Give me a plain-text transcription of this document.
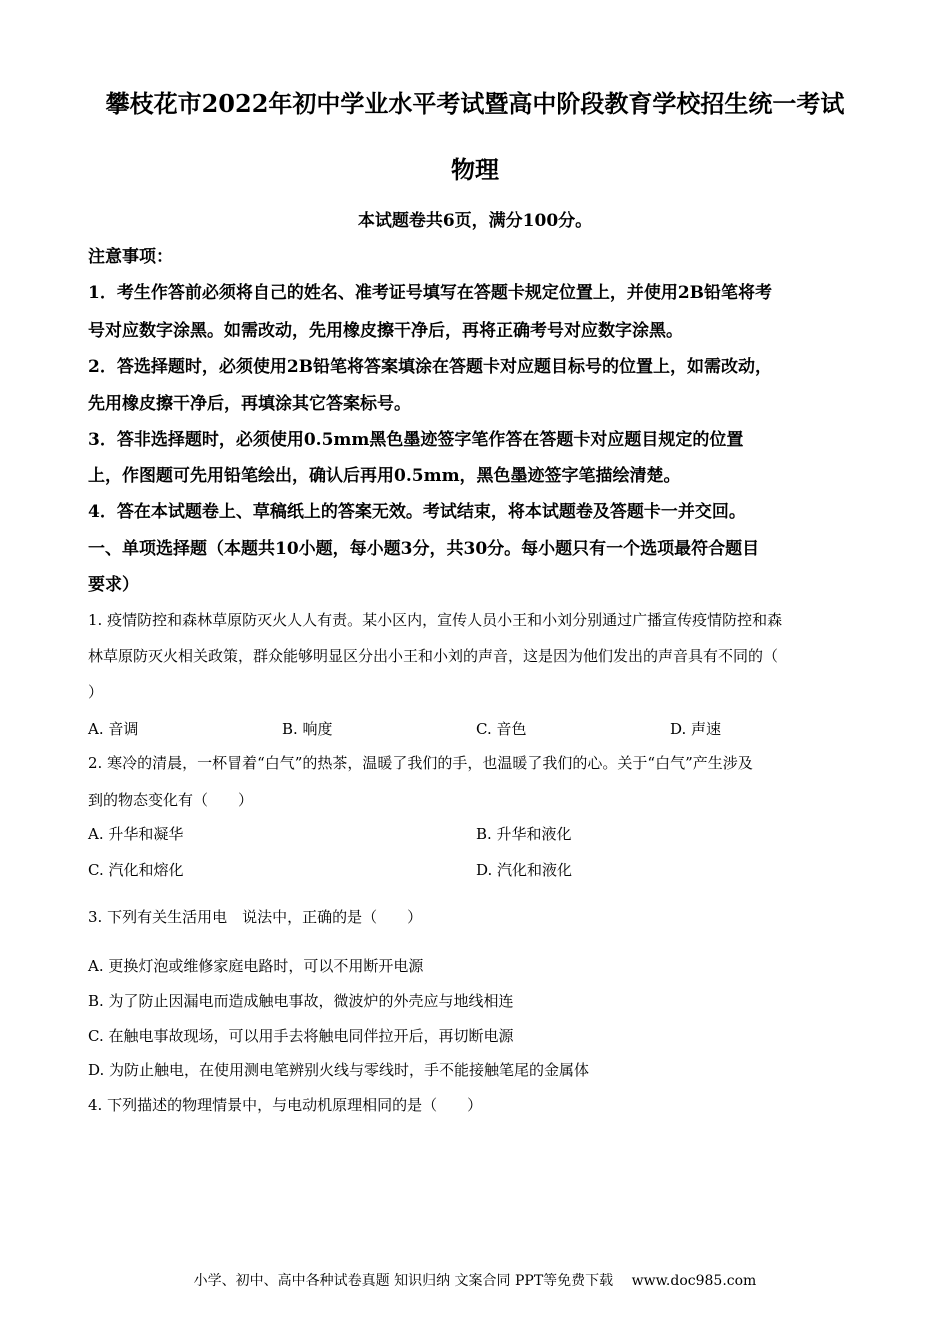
攀枝花市2022年初中学业水平考试暨高中阶段教育学校招生统一考试
物理
本试题卷共6页，满分100分。
注意事项：
1．考生作答前必须将自己的姓名、准考证号填写在答题卡规定位置上，并使用2B铅笔将考
号对应数字涂黑。如需改动，先用橡皮擦干净后，再将正确考号对应数字涂黑。
2．答选择题时，必须使用2B铅笔将答案填涂在答题卡对应题目标号的位置上，如需改动，
先用橡皮擦干净后，再填涂其它答案标号。
3．答非选择题时，必须使用0.5mm黑色墨迹签字笔作答在答题卡对应题目规定的位置
上，作图题可先用铅笔绘出，确认后再用0.5mm，黑色墨迹签字笔描绘清楚。
4．答在本试题卷上、草稿纸上的答案无效。考试结束，将本试题卷及答题卡一并交回。
一、单项选择题（本题共10小题，每小题3分，共30分。每小题只有一个选项最符合题目
要求）
1. 疫情防控和森林草原防灭火人人有责。某小区内，宣传人员小王和小刘分别通过广播宣传疫情防控和森
林草原防灭火相关政策，群众能够明显区分出小王和小刘的声音，这是因为他们发出的声音具有不同的（
）
A. 音调	B. 响度	C. 音色	D. 声速
2. 寒冷的清晨，一杯冒着“白气”的热茶，温暖了我们的手，也温暖了我们的心。关于“白气”产生涉及
到的物态变化有（　　）
A. 升华和凝华	B. 升华和液化
C. 汽化和熔化	D. 汽化和液化
3. 下列有关生活用电　说法中，正确的是（　　）
A. 更换灯泡或维修家庭电路时，可以不用断开电源
B. 为了防止因漏电而造成触电事故，微波炉的外壳应与地线相连
C. 在触电事故现场，可以用手去将触电同伴拉开后，再切断电源
D. 为防止触电，在使用测电笔辨别火线与零线时，手不能接触笔尾的金属体
4. 下列描述的物理情景中，与电动机原理相同的是（　　）
小学、初中、高中各种试卷真题 知识归纳 文案合同 PPT等免费下载　 www.doc985.com
